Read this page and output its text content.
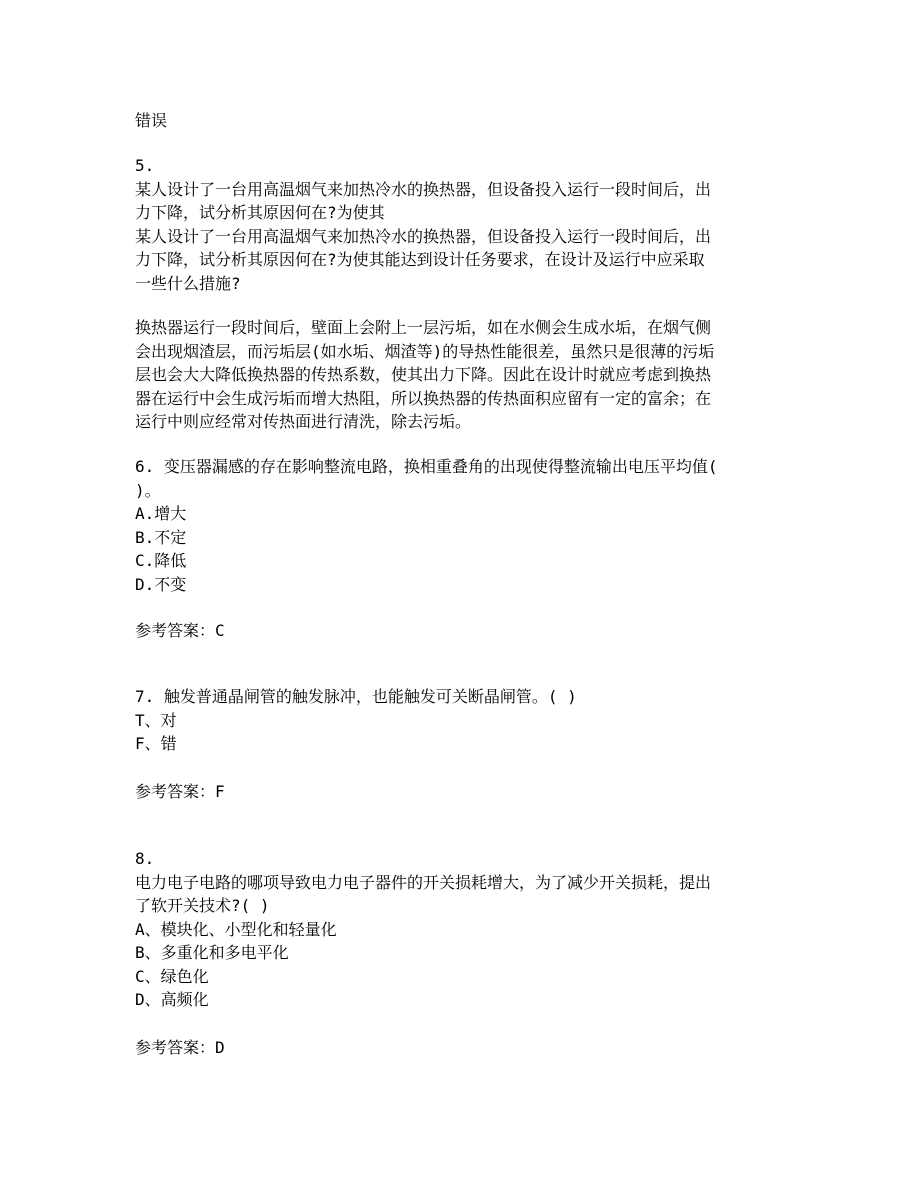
错误

5.

某人设计了一台用高温烟气来加热冷水的换热器，但设备投入运行一段时间后，出

力下降，试分析其原因何在?为使其

某人设计了一台用高温烟气来加热冷水的换热器，但设备投入运行一段时间后，出

力下降，试分析其原因何在?为使其能达到设计任务要求，在设计及运行中应采取

一些什么措施?

换热器运行一段时间后，壁面上会附上一层污垢，如在水侧会生成水垢，在烟气侧

会出现烟渣层，而污垢层(如水垢、烟渣等)的导热性能很差，虽然只是很薄的污垢

层也会大大降低换热器的传热系数，使其出力下降。因此在设计时就应考虑到换热

器在运行中会生成污垢而增大热阻，所以换热器的传热面积应留有一定的富余；在

运行中则应经常对传热面进行清洗，除去污垢。

6. 变压器漏感的存在影响整流电路，换相重叠角的出现使得整流输出电压平均值(

)。

A.增大

B.不定

C.降低

D.不变

参考答案：C

7. 触发普通晶闸管的触发脉冲，也能触发可关断晶闸管。( )

T、对

F、错

参考答案：F

8.

电力电子电路的哪项导致电力电子器件的开关损耗增大，为了减少开关损耗，提出

了软开关技术?( )

A、模块化、小型化和轻量化

B、多重化和多电平化

C、绿色化

D、高频化

参考答案：D
